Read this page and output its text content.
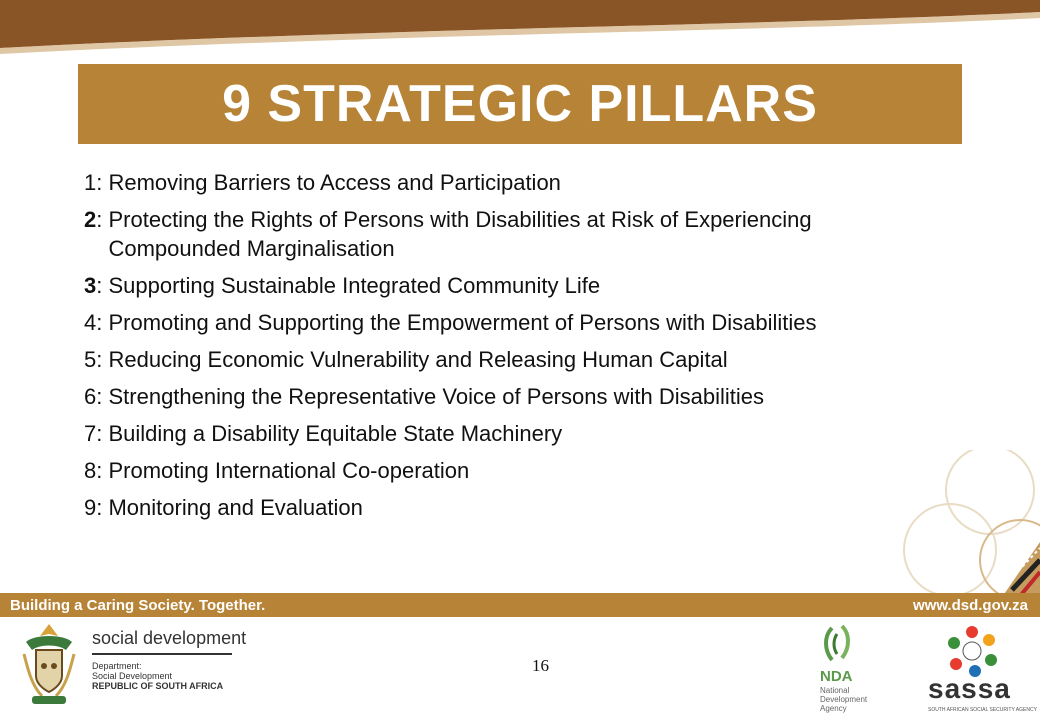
9 STRATEGIC PILLARS
1 : Removing Barriers to Access and Participation
2 : Protecting the Rights of Persons with Disabilities at Risk of Experiencing Compounded Marginalisation
3 : Supporting Sustainable Integrated Community Life
4 : Promoting and Supporting the Empowerment of Persons with Disabilities
5 : Reducing Economic Vulnerability and Releasing Human Capital
6 : Strengthening the Representative Voice of Persons with Disabilities
7 : Building a Disability Equitable State Machinery
8 : Promoting International Co-operation
9 : Monitoring and Evaluation
Building a Caring Society. Together.	www.dsd.gov.za
social development
Department:
Social Development
REPUBLIC OF SOUTH AFRICA
16
NDA
National
Development
Agency
sassa
SOUTH AFRICAN SOCIAL SECURITY AGENCY
